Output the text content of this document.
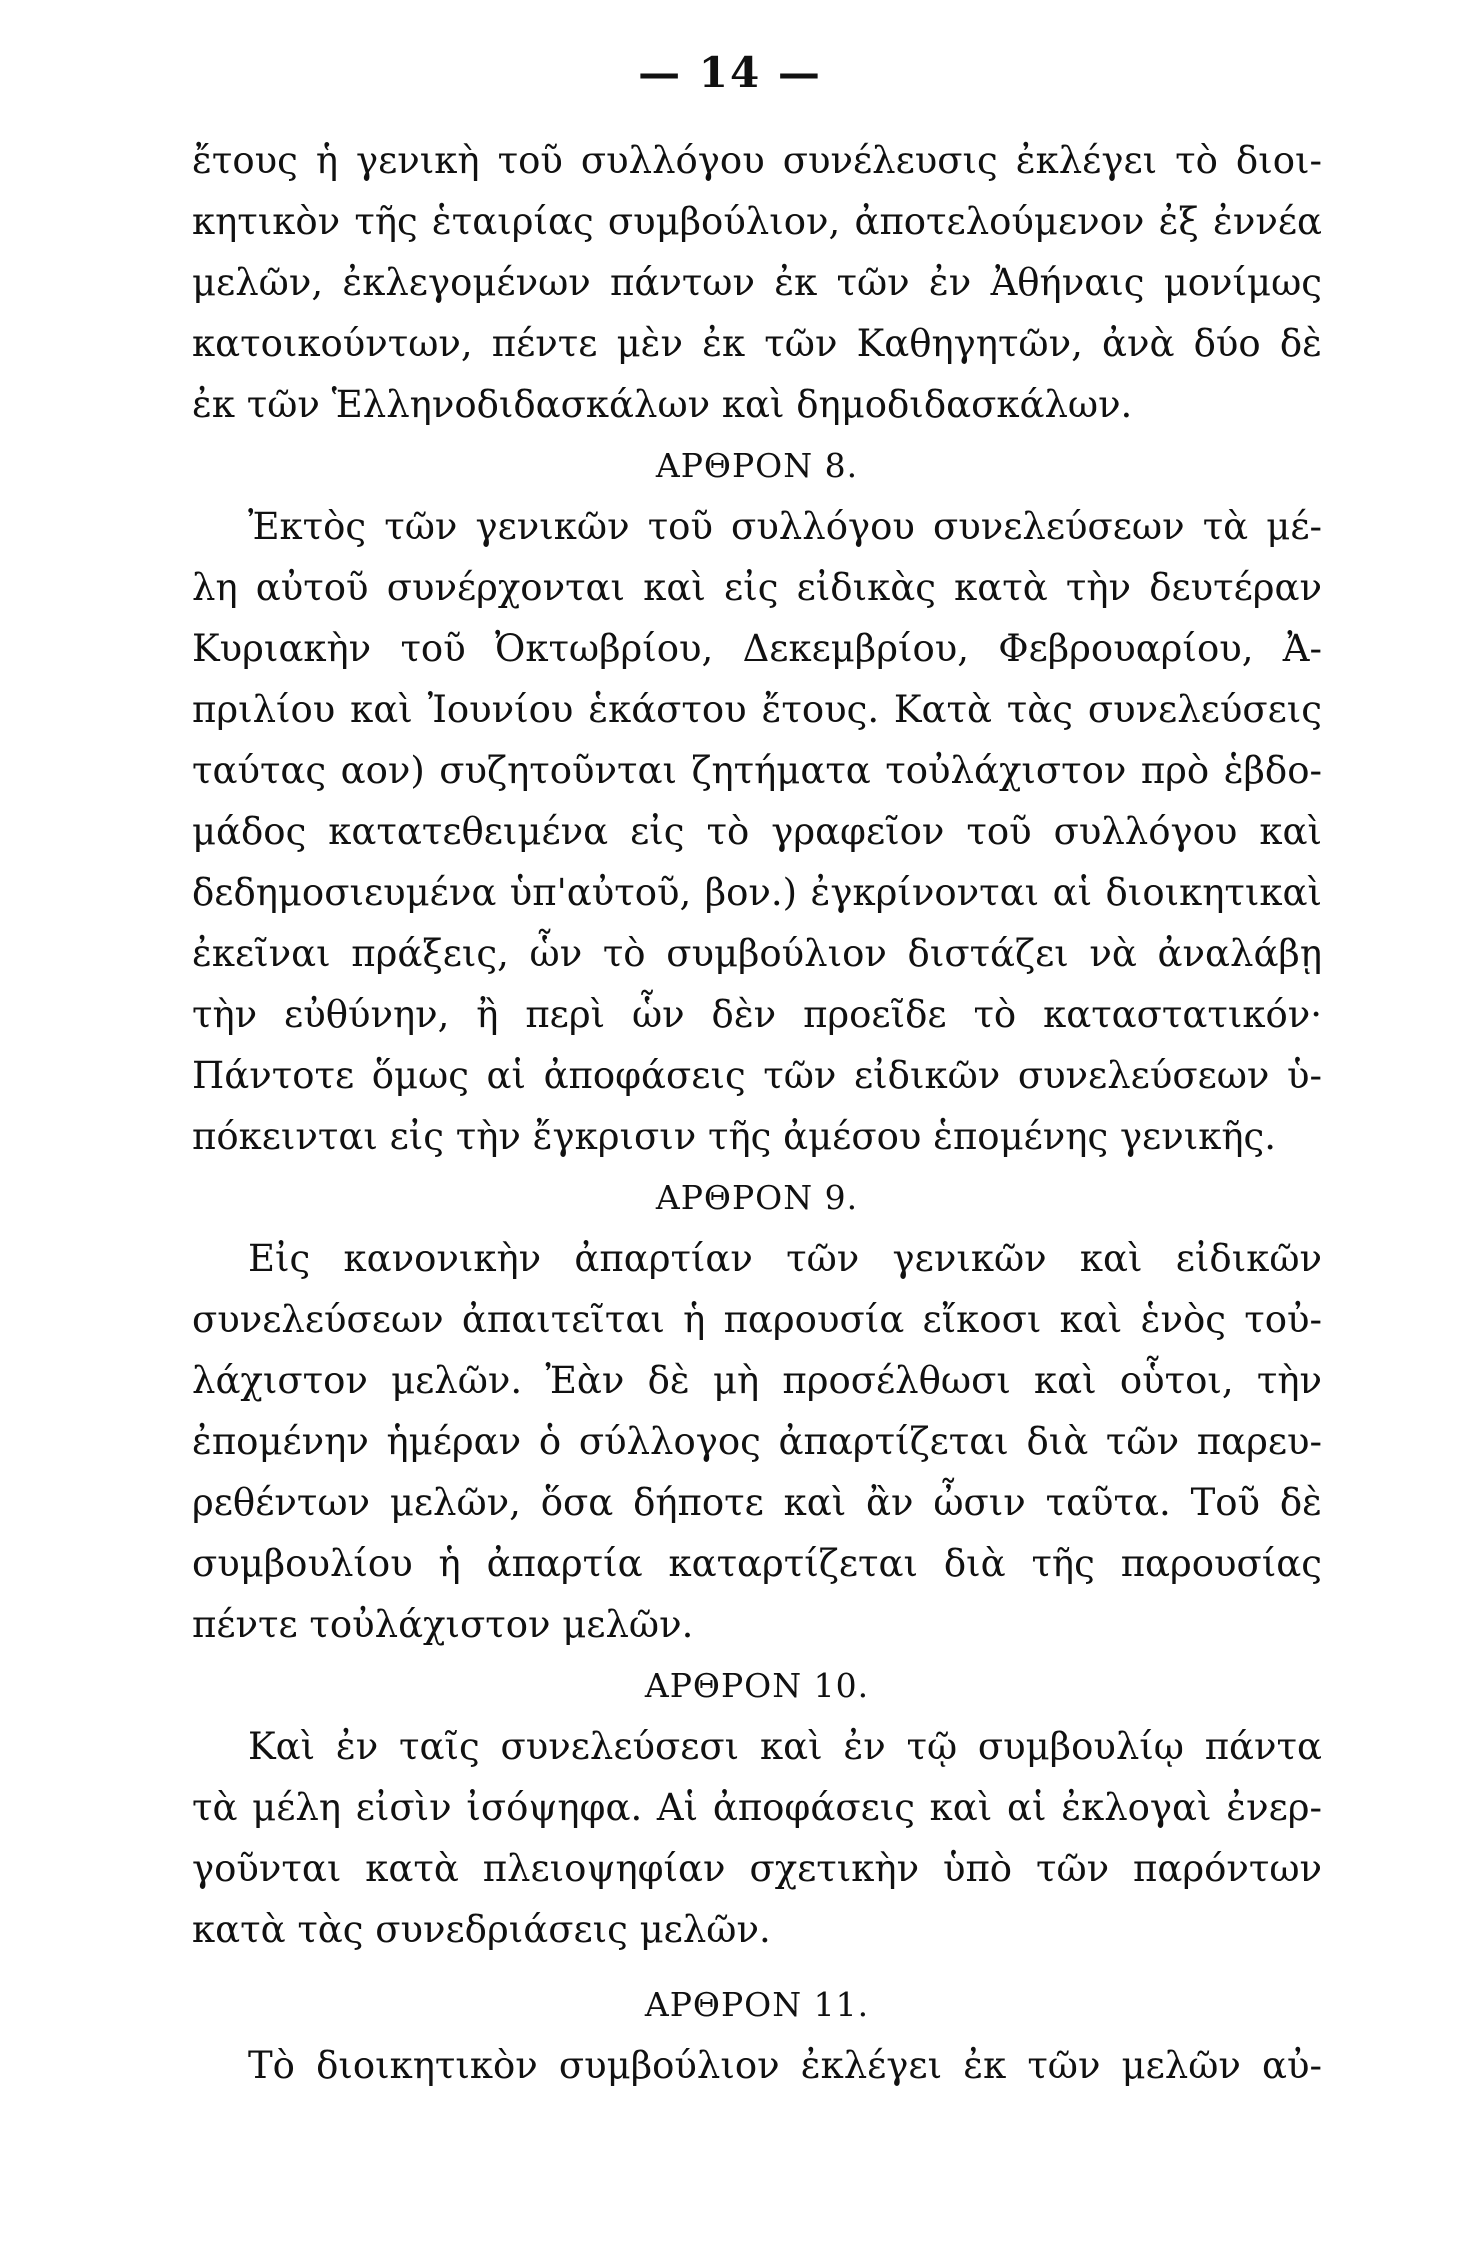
— 14 —
ἔτους ἡ γενικὴ τοῦ συλλόγου συνέλευσις ἐκλέγει τὸ διοι-
κητικὸν τῆς ἑταιρίας συμβούλιον, ἀποτελούμενον ἐξ ἐννέα
μελῶν, ἐκλεγομένων πάντων ἐκ τῶν ἐν Ἀθήναις μονίμως
κατοικούντων, πέντε μὲν ἐκ τῶν Καθηγητῶν, ἀνὰ δύο δὲ
ἐκ τῶν Ἑλληνοδιδασκάλων καὶ δημοδιδασκάλων.
ΑΡΘΡΟΝ 8.
Ἐκτὸς τῶν γενικῶν τοῦ συλλόγου συνελεύσεων τὰ μέ-
λη αὐτοῦ συνέρχονται καὶ εἰς εἰδικὰς κατὰ τὴν δευτέραν
Κυριακὴν τοῦ Ὀκτωβρίου, Δεκεμβρίου, Φεβρουαρίου, Ἀ-
πριλίου καὶ Ἰουνίου ἑκάστου ἔτους. Κατὰ τὰς συνελεύσεις
ταύτας αον) συζητοῦνται ζητήματα τοὐλάχιστον πρὸ ἑβδο-
μάδος κατατεθειμένα εἰς τὸ γραφεῖον τοῦ συλλόγου καὶ
δεδημοσιευμένα ὑπ'αὐτοῦ, βον.) ἐγκρίνονται αἱ διοικητικαὶ
ἐκεῖναι πράξεις, ὧν τὸ συμβούλιον διστάζει νὰ ἀναλάβῃ
τὴν εὐθύνην, ἢ περὶ ὧν δὲν προεῖδε τὸ καταστατικόν·
Πάντοτε ὅμως αἱ ἀποφάσεις τῶν εἰδικῶν συνελεύσεων ὑ-
πόκεινται εἰς τὴν ἔγκρισιν τῆς ἀμέσου ἑπομένης γενικῆς.
ΑΡΘΡΟΝ 9.
Εἰς κανονικὴν ἀπαρτίαν τῶν γενικῶν καὶ εἰδικῶν
συνελεύσεων ἀπαιτεῖται ἡ παρουσία εἴκοσι καὶ ἑνὸς τοὐ-
λάχιστον μελῶν. Ἐὰν δὲ μὴ προσέλθωσι καὶ οὗτοι, τὴν
ἐπομένην ἡμέραν ὁ σύλλογος ἀπαρτίζεται διὰ τῶν παρευ-
ρεθέντων μελῶν, ὅσα δήποτε καὶ ἂν ὦσιν ταῦτα. Τοῦ δὲ
συμβουλίου ἡ ἀπαρτία καταρτίζεται διὰ τῆς παρουσίας
πέντε τοὐλάχιστον μελῶν.
ΑΡΘΡΟΝ 10.
Καὶ ἐν ταῖς συνελεύσεσι καὶ ἐν τῷ συμβουλίῳ πάντα
τὰ μέλη εἰσὶν ἰσόψηφα. Αἱ ἀποφάσεις καὶ αἱ ἐκλογαὶ ἐνερ-
γοῦνται κατὰ πλειοψηφίαν σχετικὴν ὑπὸ τῶν παρόντων
κατὰ τὰς συνεδριάσεις μελῶν.
ΑΡΘΡΟΝ 11.
Τὸ διοικητικὸν συμβούλιον ἐκλέγει ἐκ τῶν μελῶν αὐ-
